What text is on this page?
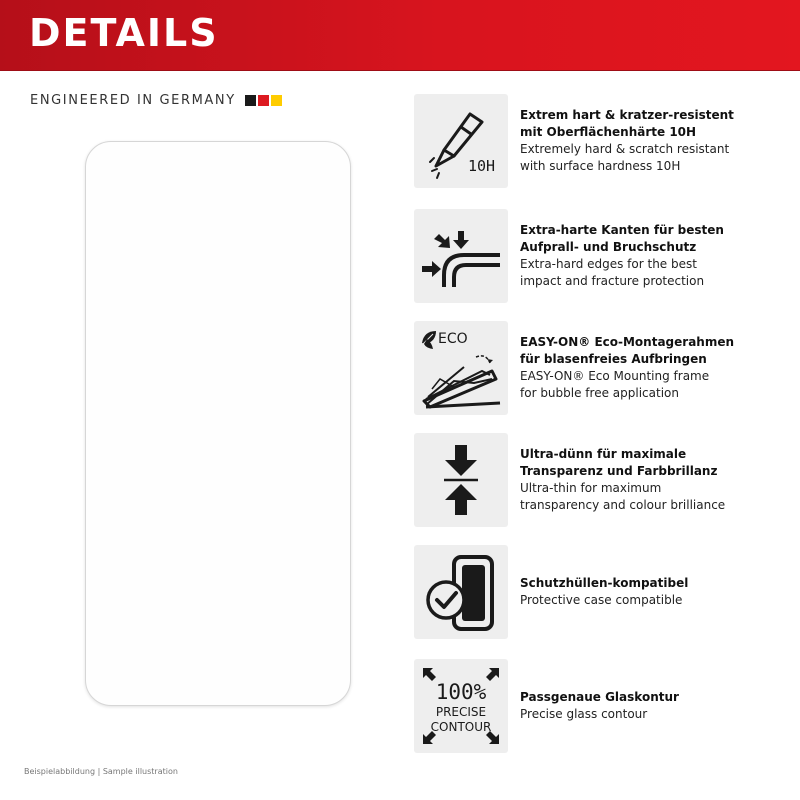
DETAILS
ENGINEERED IN GERMANY
Beispielabbildung | Sample illustration
10H
Extrem hart & kratzer-resistent
mit Oberflächenhärte 10H
Extremely hard & scratch resistant
with surface hardness 10H
Extra-harte Kanten für besten
Aufprall- und Bruchschutz
Extra-hard edges for the best
impact and fracture protection
ECO	EASY-ON® Eco-Montagerahmen
für blasenfreies Aufbringen
EASY-ON® Eco Mounting frame
for bubble free application
Ultra-dünn für maximale
Transparenz und Farbbrillanz
Ultra-thin for maximum
transparency and colour brilliance
Schutzhüllen-kompatibel
Protective case compatible
100%
PRECISE
CONTOUR
Passgenaue Glaskontur
Precise glass contour
